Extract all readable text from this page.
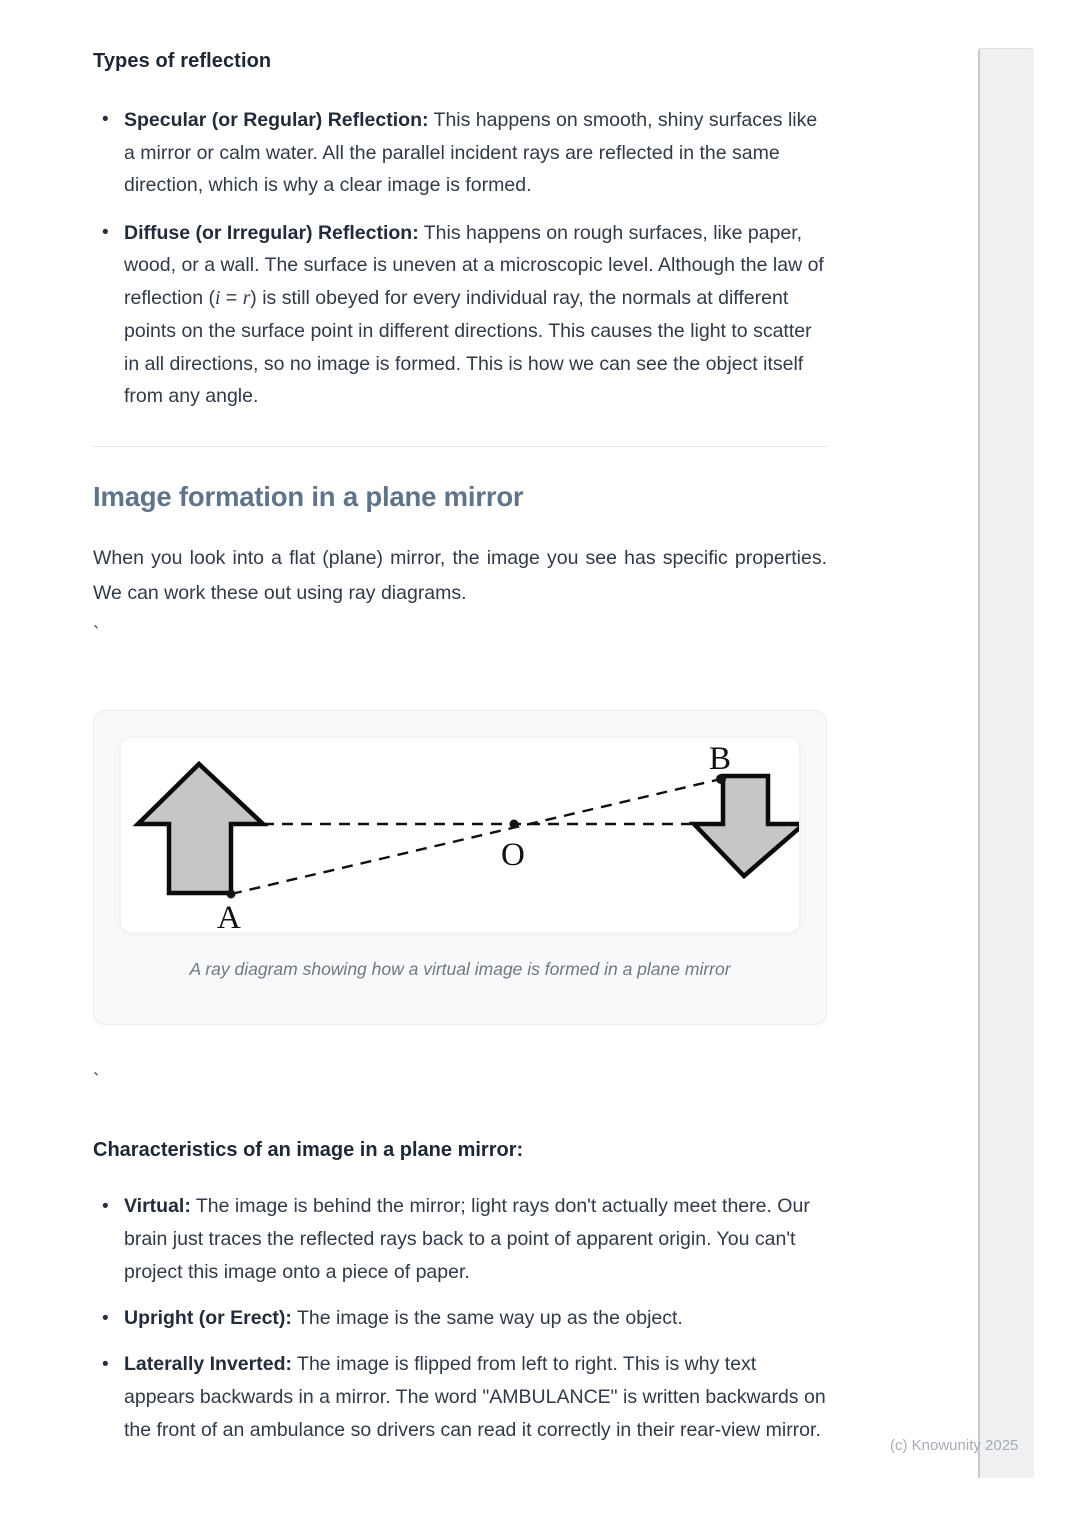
Types of reflection
• Specular (or Regular) Reflection: This happens on smooth, shiny surfaces like a mirror or calm water. All the parallel incident rays are reflected in the same direction, which is why a clear image is formed.
• Diffuse (or Irregular) Reflection: This happens on rough surfaces, like paper, wood, or a wall. The surface is uneven at a microscopic level. Although the law of reflection (i = r) is still obeyed for every individual ray, the normals at different points on the surface point in different directions. This causes the light to scatter in all directions, so no image is formed. This is how we can see the object itself from any angle.
Image formation in a plane mirror
When you look into a flat (plane) mirror, the image you see has specific properties. We can work these out using ray diagrams.
`
A
O
B
A ray diagram showing how a virtual image is formed in a plane mirror
`
Characteristics of an image in a plane mirror:
• Virtual: The image is behind the mirror; light rays don't actually meet there. Our brain just traces the reflected rays back to a point of apparent origin. You can't project this image onto a piece of paper.
• Upright (or Erect): The image is the same way up as the object.
• Laterally Inverted: The image is flipped from left to right. This is why text appears backwards in a mirror. The word "AMBULANCE" is written backwards on the front of an ambulance so drivers can read it correctly in their rear-view mirror.
(c) Knowunity 2025
